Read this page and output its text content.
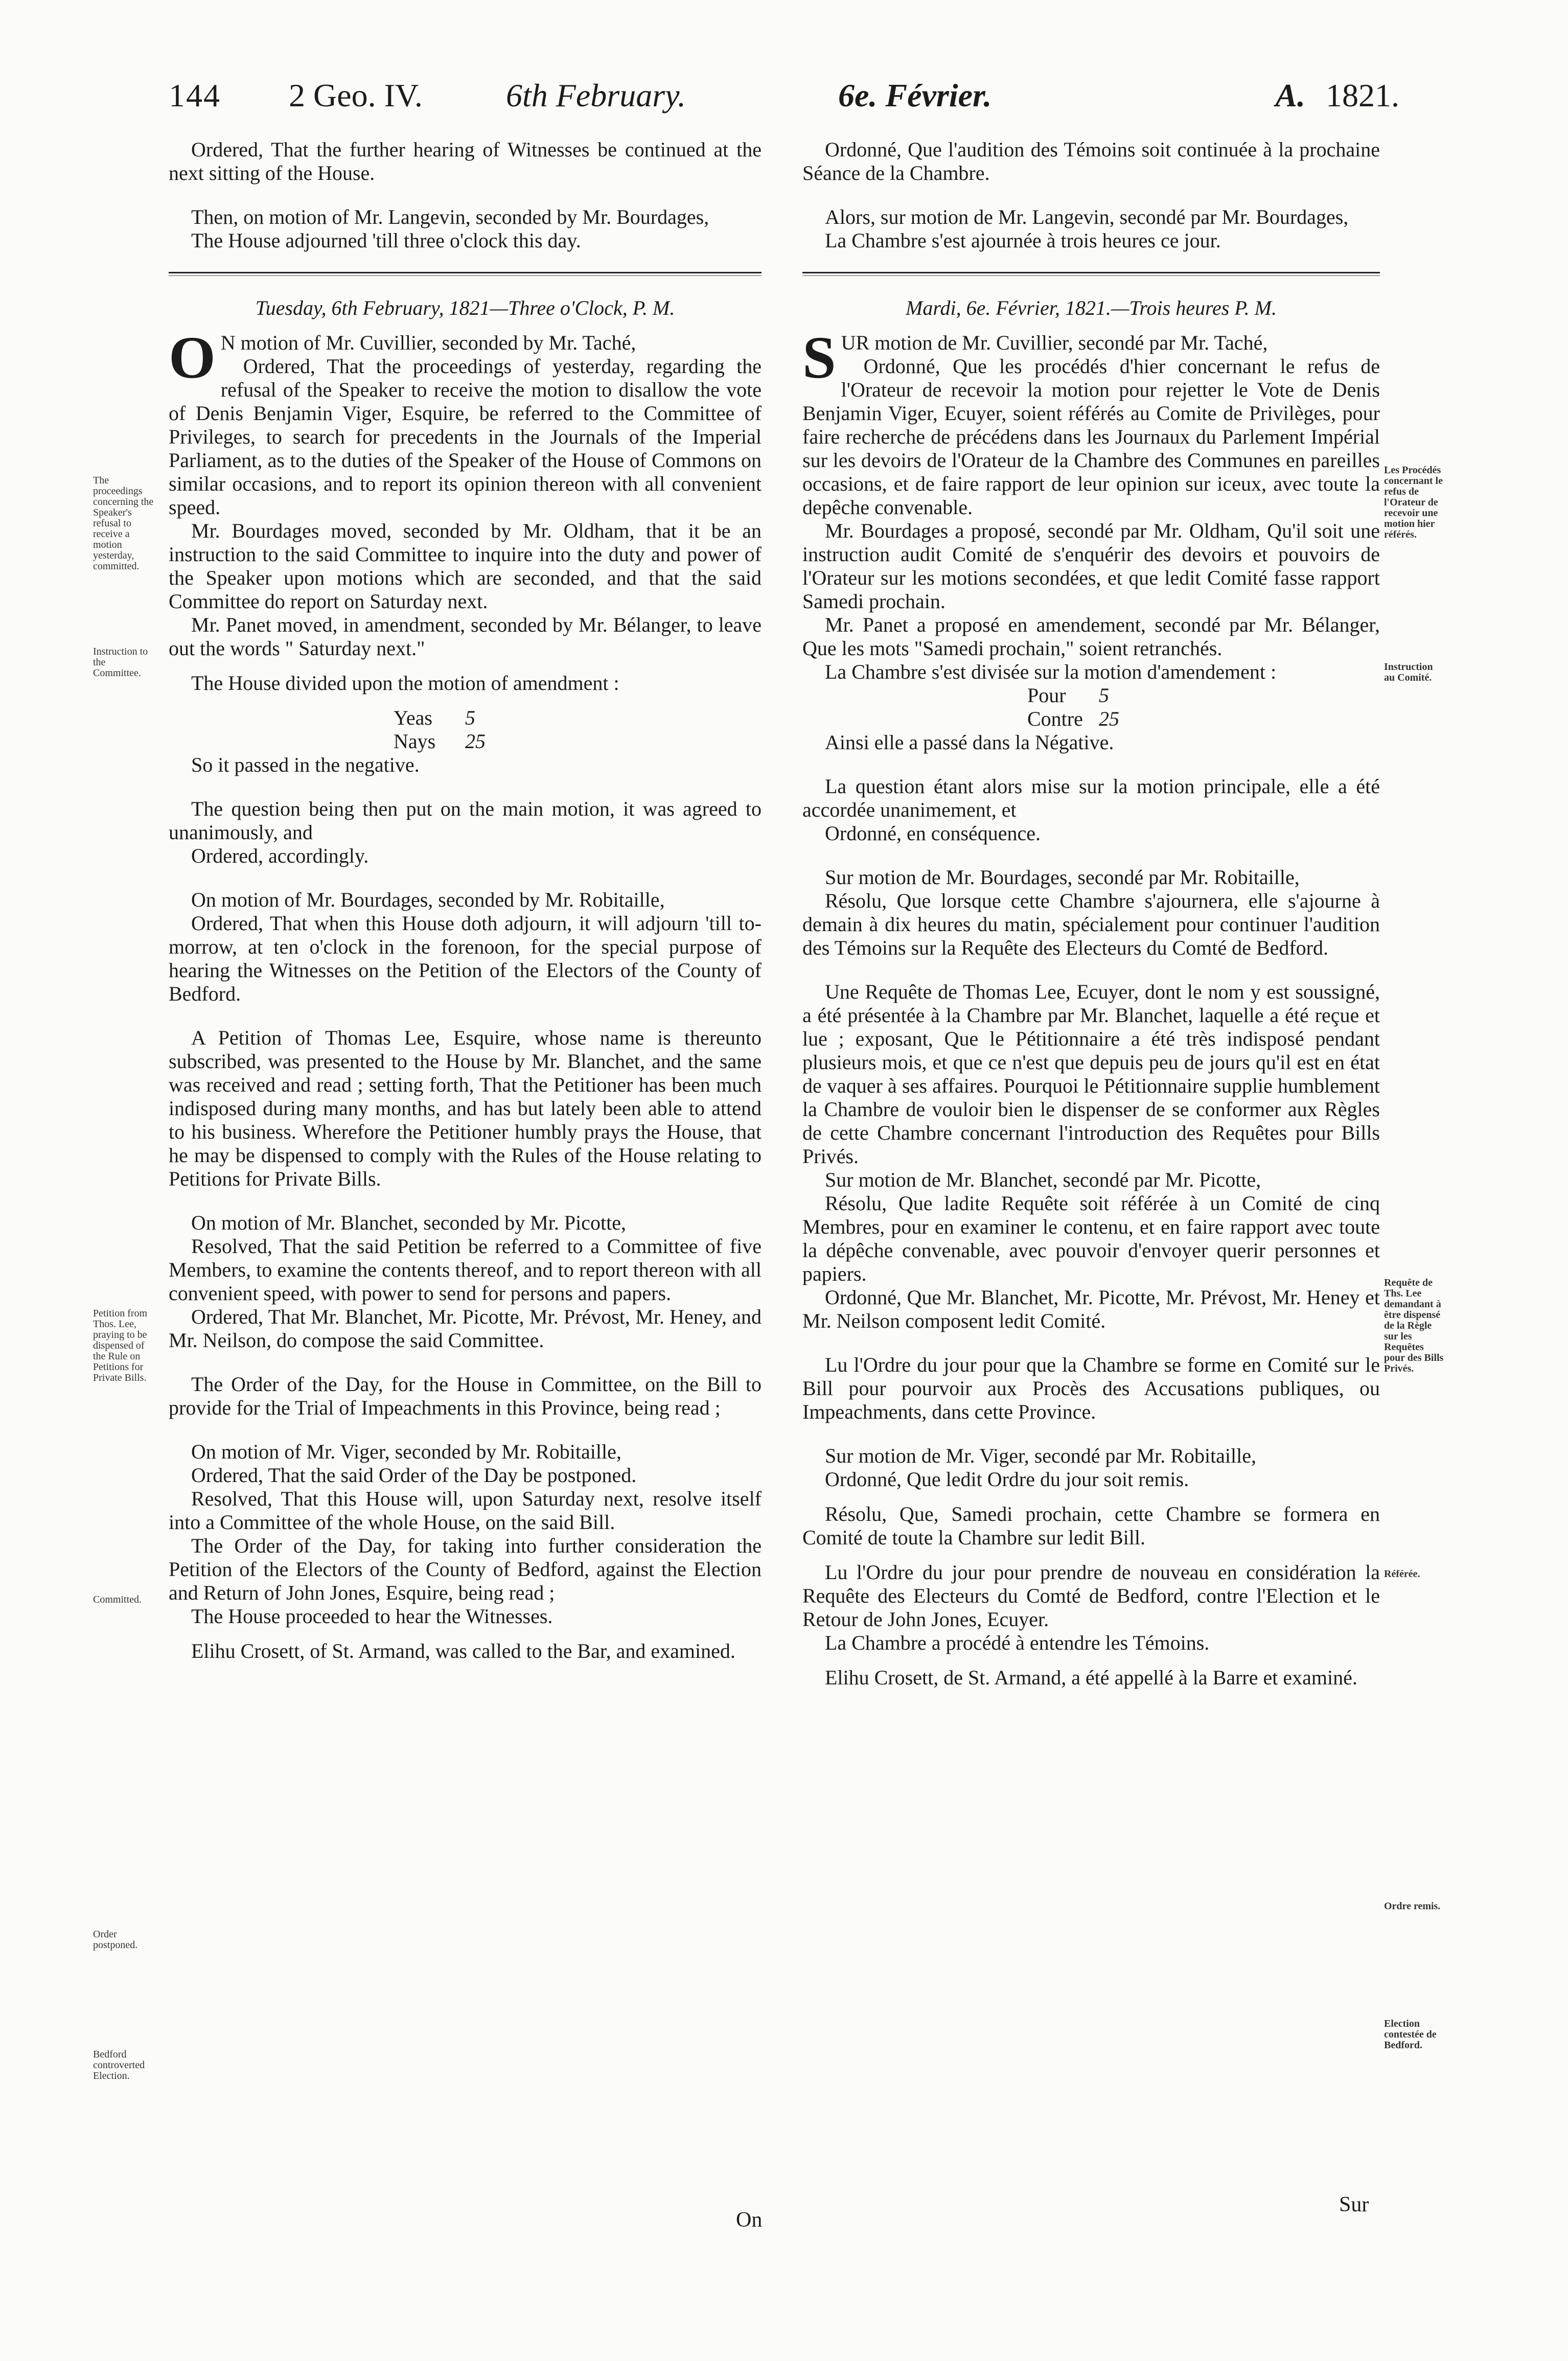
144 2 Geo. IV.	6th February.	6e. Février.	A. 1821.

Ordered, That the further hearing of Witnesses be continued at the next sitting of the House.

Then, on motion of Mr. Langevin, seconded by Mr. Bourdages,

The House adjourned 'till three o'clock this day.

Tuesday, 6th February, 1821—Three o'Clock, P. M.

O N motion of Mr. Cuvillier, seconded by Mr. Taché,

Ordered, That the proceedings of yesterday, regarding the refusal of the Speaker to receive the motion to disallow the vote of Denis Benjamin Viger, Esquire, be referred to the Committee of Privileges, to search for precedents in the Journals of the Imperial Parliament, as to the duties of the Speaker of the House of Commons on similar occasions, and to report its opinion thereon with all convenient speed.

Mr. Bourdages moved, seconded by Mr. Oldham, that it be an instruction to the said Committee to inquire into the duty and power of the Speaker upon motions which are seconded, and that the said Committee do report on Saturday next.

Mr. Panet moved, in amendment, seconded by Mr. Bélanger, to leave out the words " Saturday next."

The House divided upon the motion of amendment :

Yeas 5

Nays 25

So it passed in the negative.

The question being then put on the main motion, it was agreed to unanimously, and

Ordered, accordingly.

On motion of Mr. Bourdages, seconded by Mr. Robitaille,

Ordered, That when this House doth adjourn, it will adjourn 'till to-morrow, at ten o'clock in the forenoon, for the special purpose of hearing the Witnesses on the Petition of the Electors of the County of Bedford.

A Petition of Thomas Lee, Esquire, whose name is thereunto subscribed, was presented to the House by Mr. Blanchet, and the same was received and read ; setting forth, That the Petitioner has been much indisposed during many months, and has but lately been able to attend to his business. Wherefore the Petitioner humbly prays the House, that he may be dispensed to comply with the Rules of the House relating to Petitions for Private Bills.

On motion of Mr. Blanchet, seconded by Mr. Picotte,

Resolved, That the said Petition be referred to a Committee of five Members, to examine the contents thereof, and to report thereon with all convenient speed, with power to send for persons and papers.

Ordered, That Mr. Blanchet, Mr. Picotte, Mr. Prévost, Mr. Heney, and Mr. Neilson, do compose the said Committee.

The Order of the Day, for the House in Committee, on the Bill to provide for the Trial of Impeachments in this Province, being read ;

On motion of Mr. Viger, seconded by Mr. Robitaille,

Ordered, That the said Order of the Day be postponed.

Resolved, That this House will, upon Saturday next, resolve itself into a Committee of the whole House, on the said Bill.

The Order of the Day, for taking into further consideration the Petition of the Electors of the County of Bedford, against the Election and Return of John Jones, Esquire, being read ;

The House proceeded to hear the Witnesses.

Elihu Crosett, of St. Armand, was called to the Bar, and examined.

Ordonné, Que l'audition des Témoins soit continuée à la prochaine Séance de la Chambre.

Alors, sur motion de Mr. Langevin, secondé par Mr. Bourdages,

La Chambre s'est ajournée à trois heures ce jour.

Mardi, 6e. Février, 1821.—Trois heures P. M.

SUR motion de Mr. Cuvillier, secondé par Mr. Taché,

Ordonné, Que les procédés d'hier concernant le refus de l'Orateur de recevoir la motion pour rejetter le Vote de Denis Benjamin Viger, Ecuyer, soient référés au Comite de Privilèges, pour faire recherche de précédens dans les Journaux du Parlement Impérial sur les devoirs de l'Orateur de la Chambre des Communes en pareilles occasions, et de faire rapport de leur opinion sur iceux, avec toute la depêche convenable.

Mr. Bourdages a proposé, secondé par Mr. Oldham, Qu'il soit une instruction audit Comité de s'enquérir des devoirs et pouvoirs de l'Orateur sur les motions secondées, et que ledit Comité fasse rapport Samedi prochain.

Mr. Panet a proposé en amendement, secondé par Mr. Bélanger, Que les mots "Samedi prochain," soient retranchés.

La Chambre s'est divisée sur la motion d'amendement :

Pour 5

Contre 25

Ainsi elle a passé dans la Négative.

La question étant alors mise sur la motion principale, elle a été accordée unanimement, et

Ordonné, en conséquence.

Sur motion de Mr. Bourdages, secondé par Mr. Robitaille,

Résolu, Que lorsque cette Chambre s'ajournera, elle s'ajourne à demain à dix heures du matin, spécialement pour continuer l'audition des Témoins sur la Requête des Electeurs du Comté de Bedford.

Une Requête de Thomas Lee, Ecuyer, dont le nom y est soussigné, a été présentée à la Chambre par Mr. Blanchet, laquelle a été reçue et lue ; exposant, Que le Pétitionnaire a été très indisposé pendant plusieurs mois, et que ce n'est que depuis peu de jours qu'il est en état de vaquer à ses affaires. Pourquoi le Pétitionnaire supplie humblement la Chambre de vouloir bien le dispenser de se conformer aux Règles de cette Chambre concernant l'introduction des Requêtes pour Bills Privés.

Sur motion de Mr. Blanchet, secondé par Mr. Picotte,

Résolu, Que ladite Requête soit référée à un Comité de cinq Membres, pour en examiner le contenu, et en faire rapport avec toute la dépêche convenable, avec pouvoir d'envoyer querir personnes et papiers.

Ordonné, Que Mr. Blanchet, Mr. Picotte, Mr. Prévost, Mr. Heney et Mr. Neilson composent ledit Comité.

Lu l'Ordre du jour pour que la Chambre se forme en Comité sur le Bill pour pourvoir aux Procès des Accusations publiques, ou Impeachments, dans cette Province.

Sur motion de Mr. Viger, secondé par Mr. Robitaille,

Ordonné, Que ledit Ordre du jour soit remis.

Résolu, Que, Samedi prochain, cette Chambre se formera en Comité de toute la Chambre sur ledit Bill.

Lu l'Ordre du jour pour prendre de nouveau en considération la Requête des Electeurs du Comté de Bedford, contre l'Election et le Retour de John Jones, Ecuyer.

La Chambre a procédé à entendre les Témoins.

Elihu Crosett, de St. Armand, a été appellé à la Barre et examiné.

The proceedings concerning the Speaker's refusal to receive a motion yesterday, committed.
Instruction to the Committee.
Petition from Thos. Lee, praying to be dispensed of the Rule on Petitions for Private Bills.
Committed.
Order postponed.
Bedford controverted Election.
Les Procédés concernant le refus de l'Orateur de recevoir une motion hier référés.
Instruction au Comité.
Requête de Ths. Lee demandant à être dispensé de la Règle sur les Requêtes pour des Bills Privés.
Référée.
Ordre remis.
Election contestée de Bedford.
On
Sur
